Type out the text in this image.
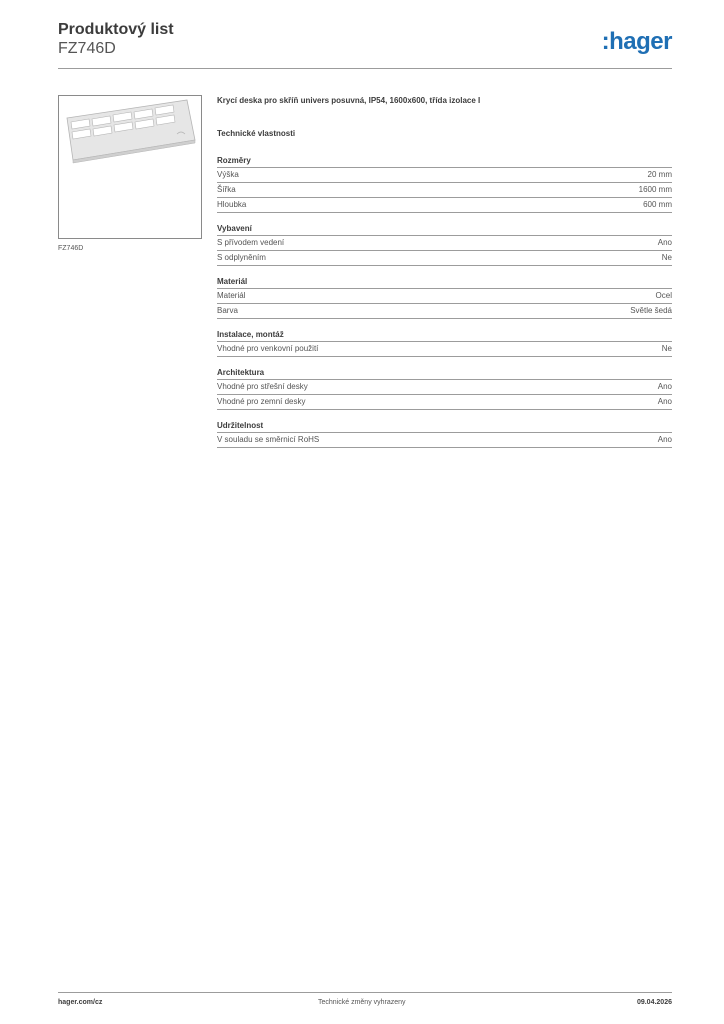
Produktový list
FZ746D	:hager
FZ746D
Krycí deska pro skříň univers posuvná, IP54, 1600x600, třída izolace I
Technické vlastnosti
Rozměry
Výška	20 mm
Šířka	1600 mm
Hloubka	600 mm
Vybavení
S přívodem vedení	Ano
S odplyněním	Ne
Materiál
Materiál	Ocel
Barva	Světle šedá
Instalace, montáž
Vhodné pro venkovní použití	Ne
Architektura
Vhodné pro střešní desky	Ano
Vhodné pro zemní desky	Ano
Udržitelnost
V souladu se směrnicí RoHS	Ano
hager.com/cz	Technické změny vyhrazeny	09.04.2026
